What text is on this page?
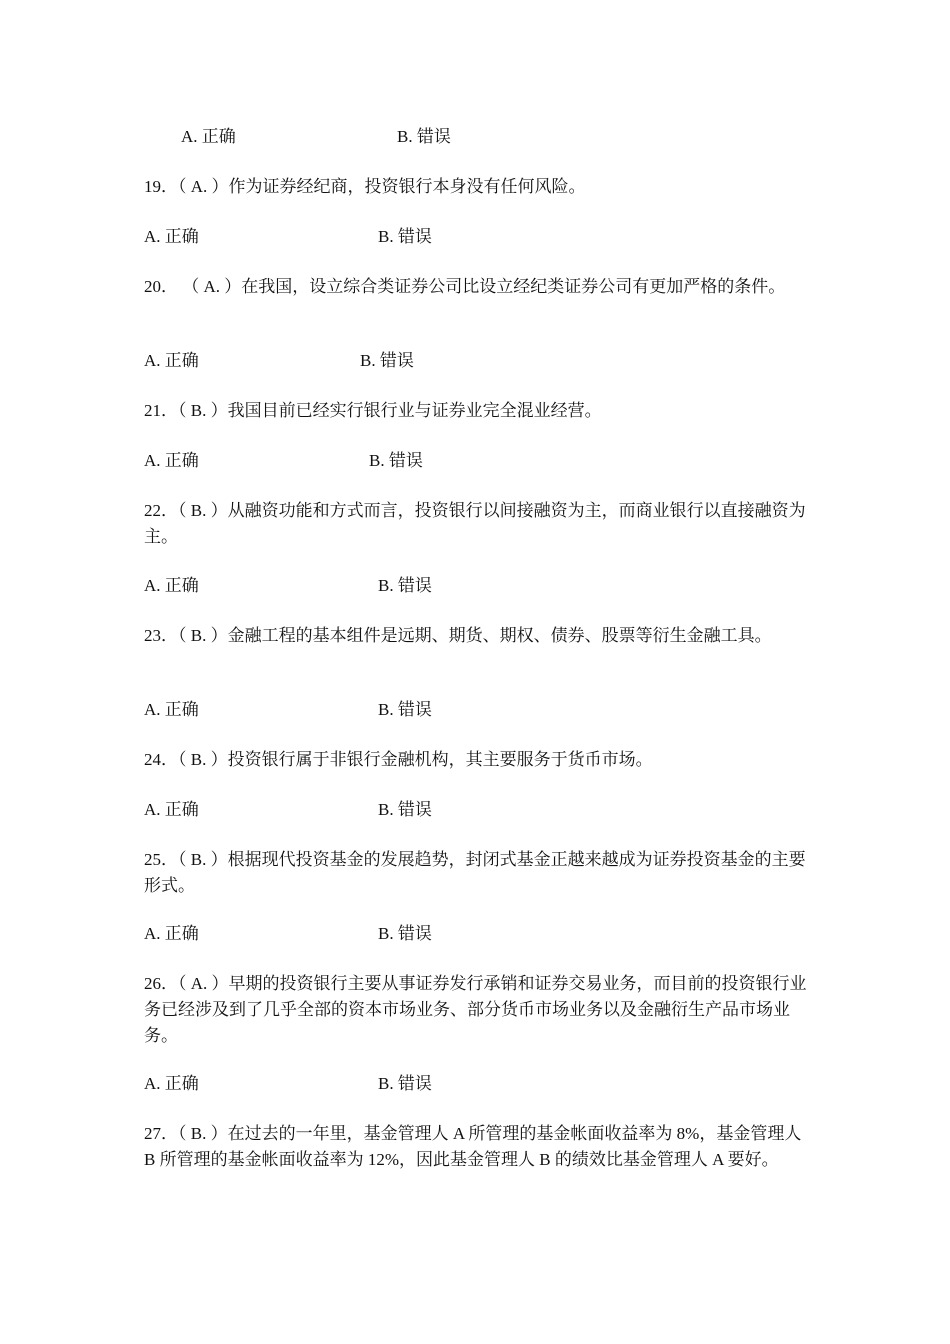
A. 正确	B. 错误
19．（ A. ）作为证券经纪商，投资银行本身没有任何风险。
A. 正确	B. 错误
20． （ A. ）在我国，设立综合类证券公司比设立经纪类证券公司有更加严格的条件。
A. 正确	B. 错误
21．（ B. ）我国目前已经实行银行业与证券业完全混业经营。
A. 正确	B. 错误
22．（ B. ）从融资功能和方式而言，投资银行以间接融资为主，而商业银行以直接融资为主。
A. 正确	B. 错误
23．（ B. ）金融工程的基本组件是远期、期货、期权、债券、股票等衍生金融工具。
A. 正确	B. 错误
24．（ B. ）投资银行属于非银行金融机构，其主要服务于货币市场。
A. 正确	B. 错误
25．（ B. ）根据现代投资基金的发展趋势，封闭式基金正越来越成为证券投资基金的主要形式。
A. 正确	B. 错误
26．（ A. ）早期的投资银行主要从事证券发行承销和证券交易业务，而目前的投资银行业务已经涉及到了几乎全部的资本市场业务、部分货币市场业务以及金融衍生产品市场业务。
A. 正确	B. 错误
27．（ B. ）在过去的一年里，基金管理人 A 所管理的基金帐面收益率为 8%，基金管理人 B 所管理的基金帐面收益率为 12%，因此基金管理人 B 的绩效比基金管理人 A 要好。
